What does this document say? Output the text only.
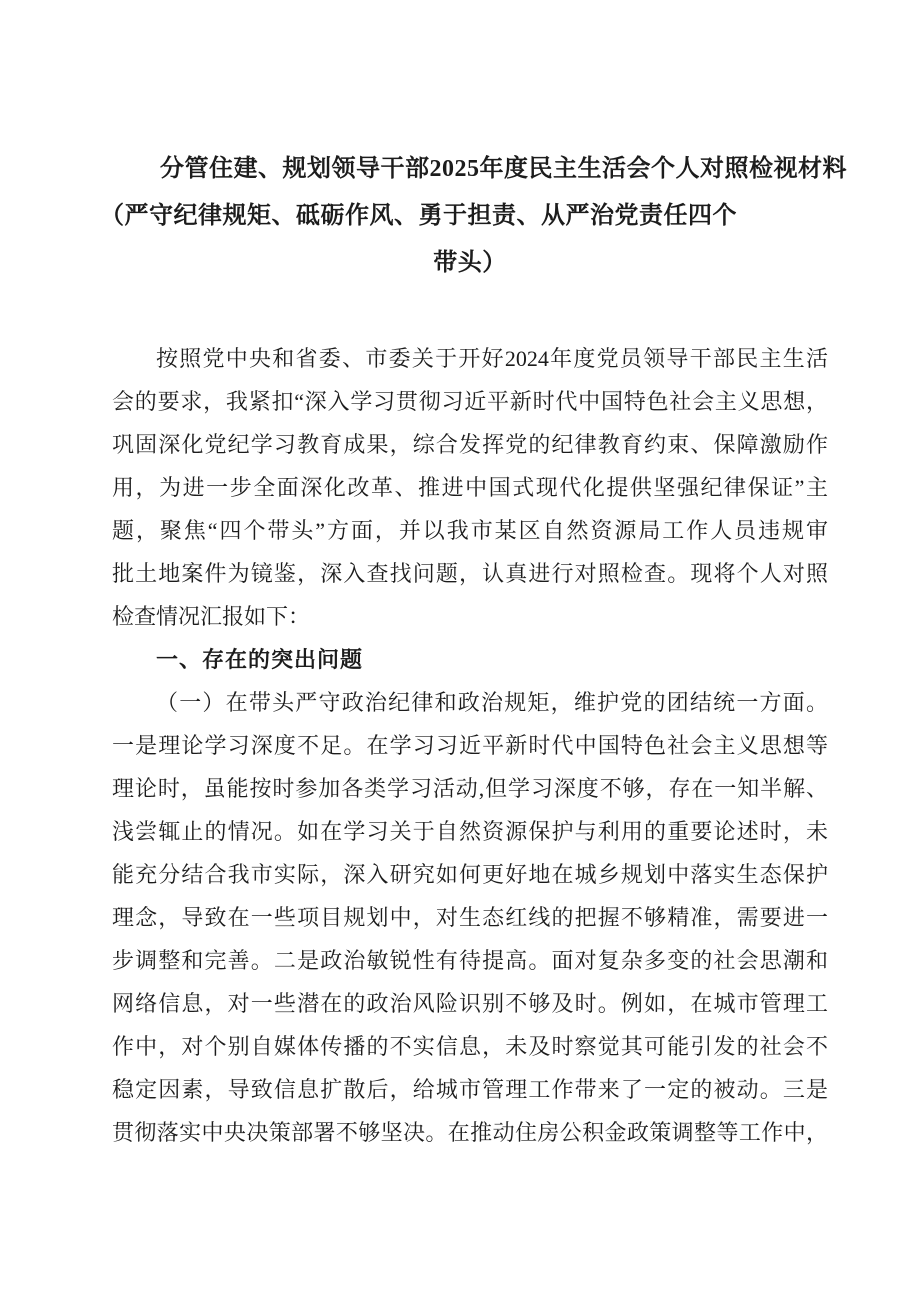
分管住建、规划领导干部2025年度民主生活会个人对照检视材料
（严守纪律规矩、砥砺作风、勇于担责、从严治党责任四个
带头）
按照党中央和省委、市委关于开好2024年度党员领导干部民主生活
会的要求，我紧扣“深入学习贯彻习近平新时代中国特色社会主义思想，
巩固深化党纪学习教育成果，综合发挥党的纪律教育约束、保障激励作
用，为进一步全面深化改革、推进中国式现代化提供坚强纪律保证”主
题，聚焦“四个带头”方面，并以我市某区自然资源局工作人员违规审
批土地案件为镜鉴，深入查找问题，认真进行对照检查。现将个人对照
检查情况汇报如下：
一、存在的突出问题
（一）在带头严守政治纪律和政治规矩，维护党的团结统一方面。
一是理论学习深度不足。在学习习近平新时代中国特色社会主义思想等
理论时，虽能按时参加各类学习活动,但学习深度不够，存在一知半解、
浅尝辄止的情况。如在学习关于自然资源保护与利用的重要论述时，未
能充分结合我市实际，深入研究如何更好地在城乡规划中落实生态保护
理念，导致在一些项目规划中，对生态红线的把握不够精准，需要进一
步调整和完善。二是政治敏锐性有待提高。面对复杂多变的社会思潮和
网络信息，对一些潜在的政治风险识别不够及时。例如，在城市管理工
作中，对个别自媒体传播的不实信息，未及时察觉其可能引发的社会不
稳定因素，导致信息扩散后，给城市管理工作带来了一定的被动。三是
贯彻落实中央决策部署不够坚决。在推动住房公积金政策调整等工作中，
